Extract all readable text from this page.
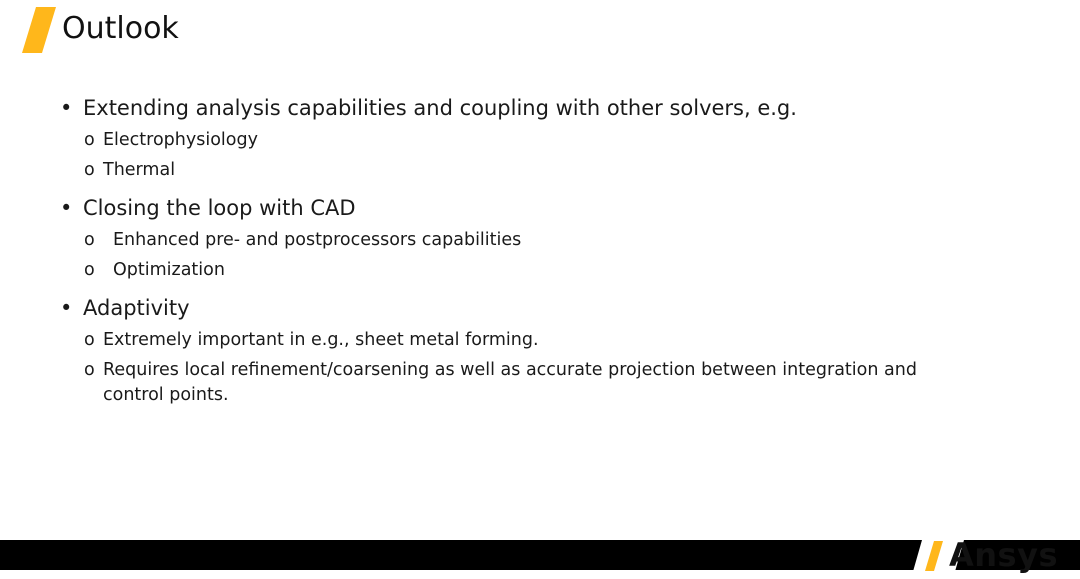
Outlook
• Extending analysis capabilities and coupling with other solvers, e.g.
o Electrophysiology
o Thermal
• Closing the loop with CAD
o Enhanced pre- and postprocessors capabilities
o Optimization
• Adaptivity
o Extremely important in e.g., sheet metal forming.
o Requires local refinement/coarsening as well as accurate projection between integration and
control points.
Ansys
